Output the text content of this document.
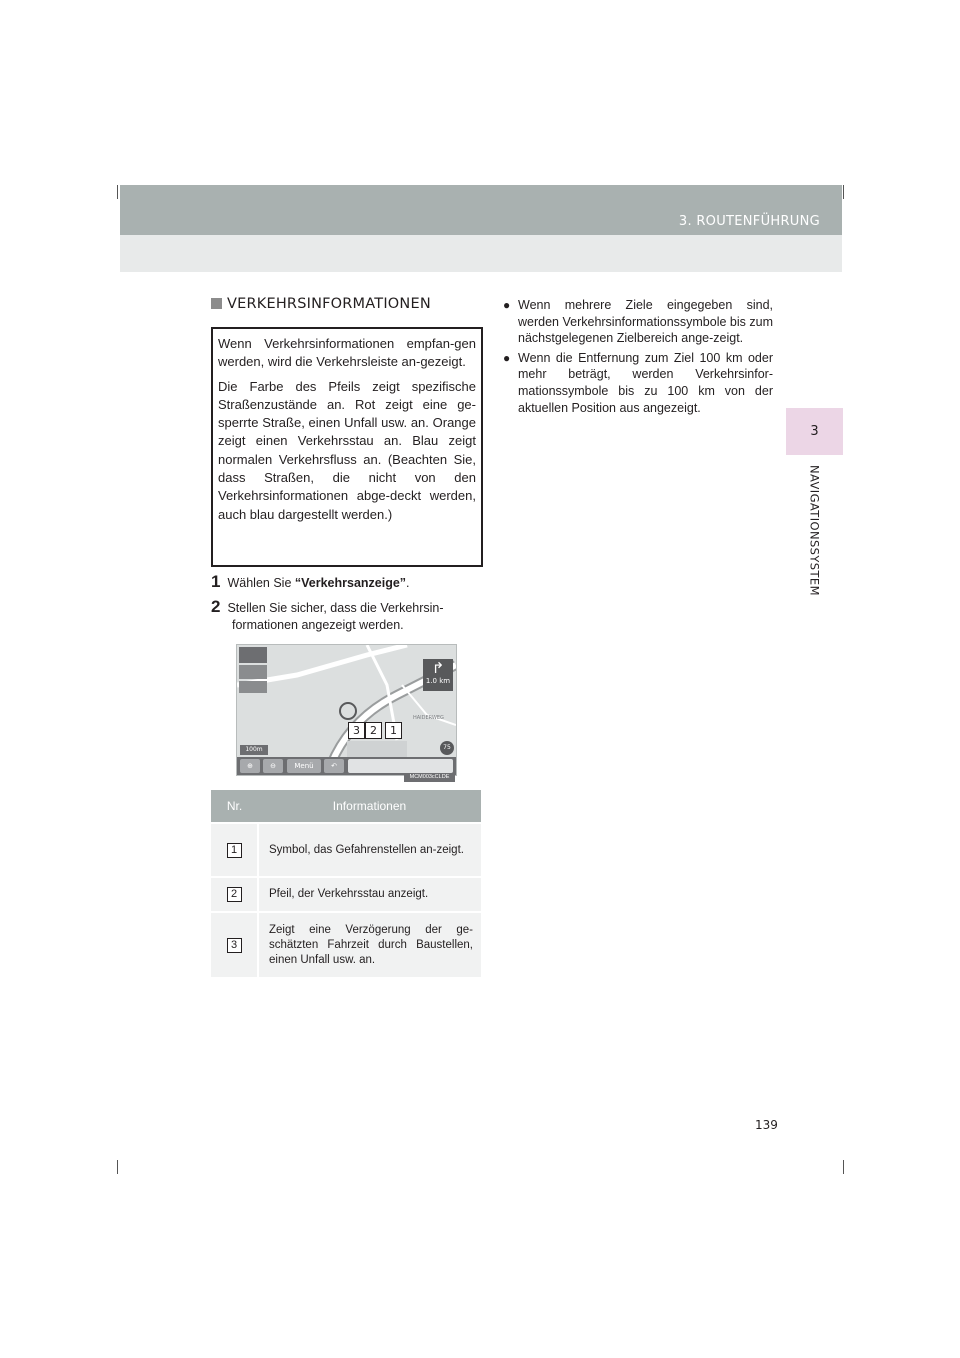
3. ROUTENFÜHRUNG
3
NAVIGATIONSSYSTEM
VERKEHRSINFORMATIONEN

Wenn Verkehrsinformationen empfan-gen werden, wird die Verkehrsleiste an-gezeigt.

Die Farbe des Pfeils zeigt spezifische Straßenzustände an. Rot zeigt eine ge-sperrte Straße, einen Unfall usw. an. Orange zeigt einen Verkehrsstau an. Blau zeigt normalen Verkehrsfluss an. (Beachten Sie, dass Straßen, die nicht von den Verkehrsinformationen abge-deckt werden, auch blau dargestellt werden.)

1 Wählen Sie “Verkehrsanzeige”.
2 Stellen Sie sicher, dass die Verkehrsin-
formationen angezeigt werden.
↱
1.0 km
HAIDERWEG
75
3 2	1
100m
⊕	⊖	Menü	↶
MCM003cCLDE
Nr.	Informationen
1	Symbol, das Gefahrenstellen an-zeigt.
2	Pfeil, der Verkehrsstau anzeigt.
3	Zeigt eine Verzögerung der ge-schätzten Fahrzeit durch Baustellen, einen Unfall usw. an.
● Wenn mehrere Ziele eingegeben sind, werden Verkehrsinformationssymbole bis zum nächstgelegenen Zielbereich ange-zeigt.
● Wenn die Entfernung zum Ziel 100 km oder mehr beträgt, werden Verkehrsinfor-mationssymbole bis zu 100 km von der aktuellen Position aus angezeigt.
139
